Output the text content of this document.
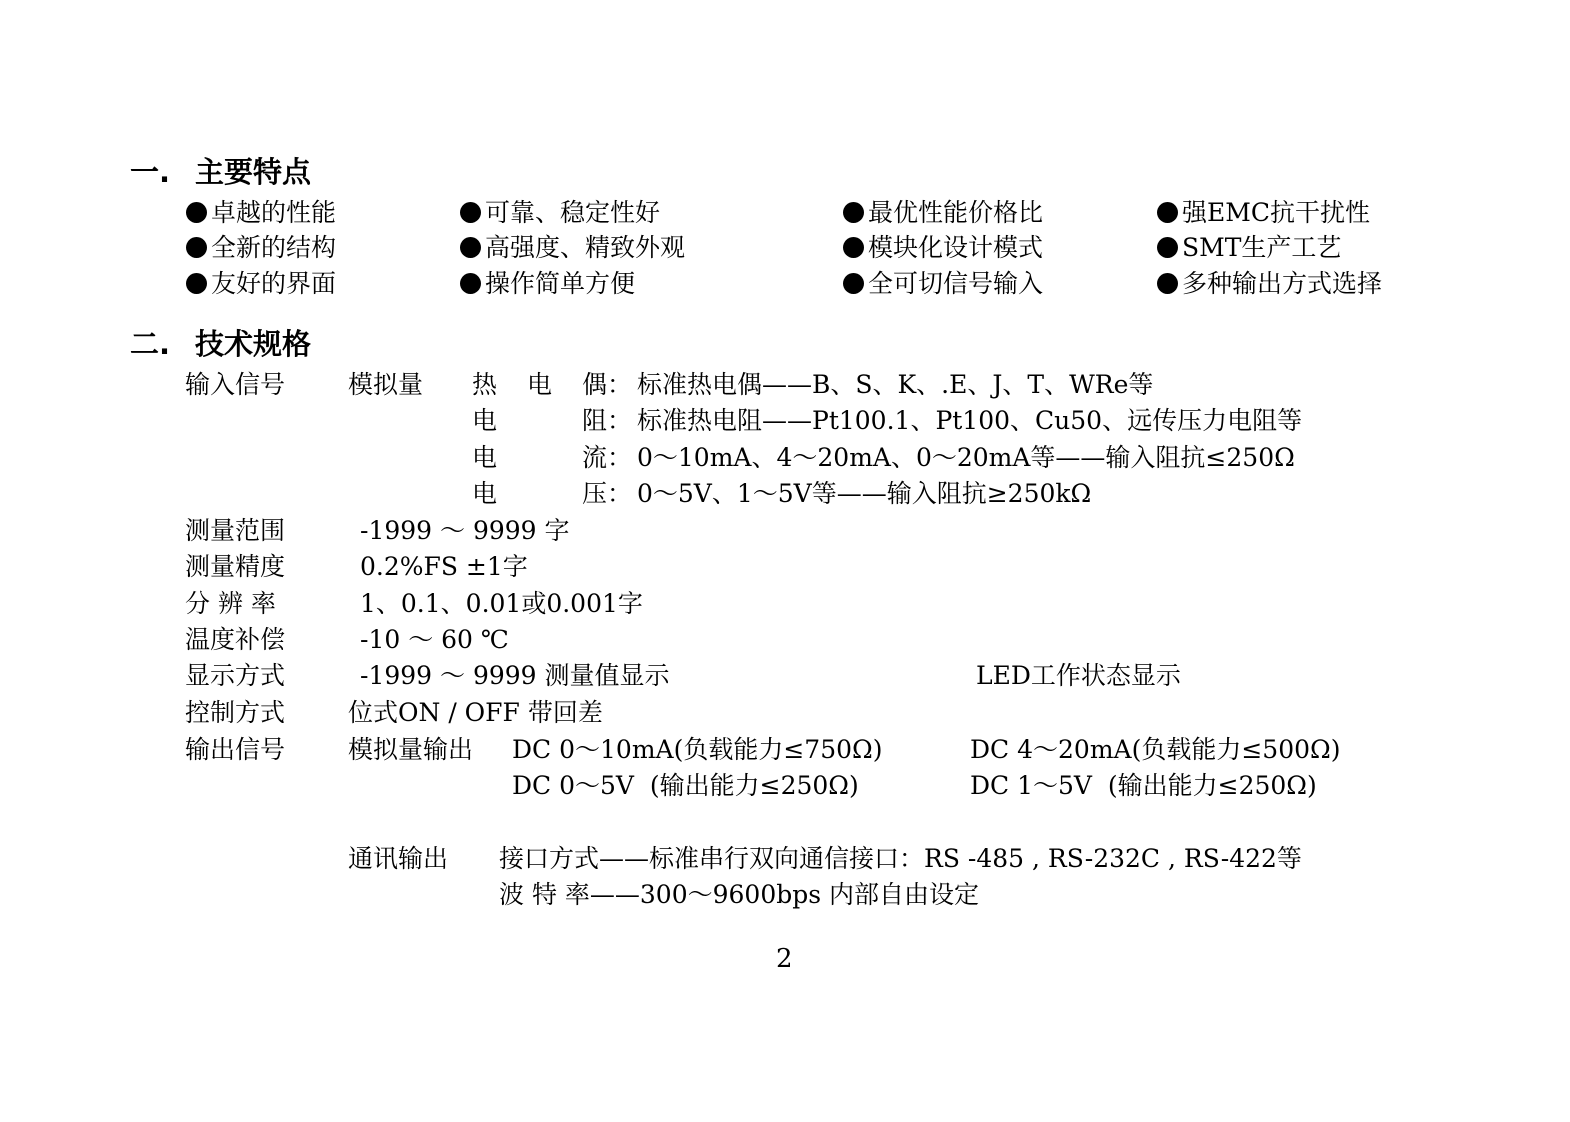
一. 主要特点
卓越的性能	可靠、稳定性好	最优性能价格比	强EMC抗干扰性
全新的结构	高强度、精致外观	模块化设计模式	SMT生产工艺
友好的界面	操作简单方便	全可切信号输入	多种输出方式选择
二. 技术规格
输入信号	模拟量 热 电 偶： 标准热电偶——B、S、K、.E、J、T、WRe等
电	阻： 标准热电阻——Pt100.1、Pt100、Cu50、远传压力电阻等
电	流： 0～10mA、4～20mA、0～20mA等——输入阻抗≤250Ω
电	压： 0～5V、1～5V等——输入阻抗≥250kΩ
测量范围	-1999 ～ 9999 字
测量精度	0.2%FS ±1字
分 辨 率	1、0.1、0.01或0.001字
温度补偿	-10 ～ 60 ℃
显示方式	-1999 ～ 9999 测量值显示	LED工作状态显示
控制方式	位式ON / OFF 带回差
输出信号	模拟量输出 DC 0～10mA(负载能力≤750Ω)	DC 4～20mA(负载能力≤500Ω)
DC 0～5V  (输出能力≤250Ω)	DC 1～5V  (输出能力≤250Ω)
通讯输出 接口方式——标准串行双向通信接口：RS -485 , RS-232C , RS-422等
波 特 率——300～9600bps 内部自由设定
2
